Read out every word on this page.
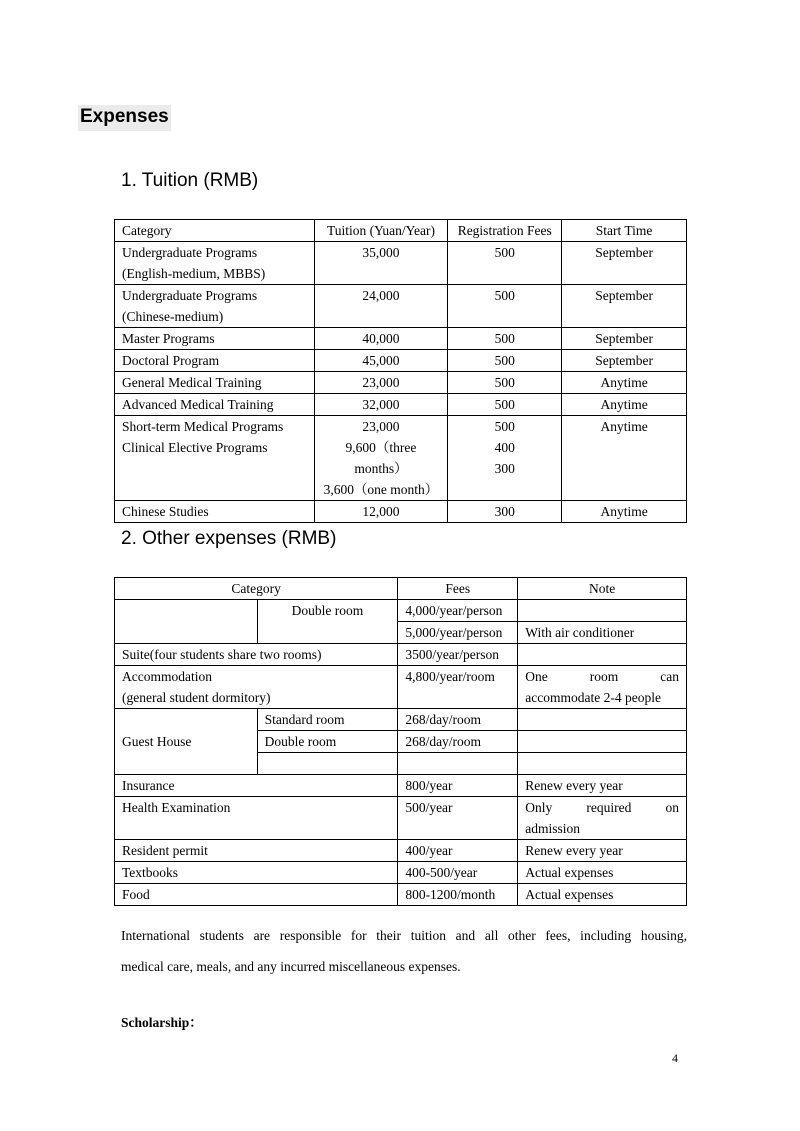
Expenses
1. Tuition (RMB)
Category	Tuition (Yuan/Year)	Registration Fees	Start Time

Undergraduate Programs
(English-medium, MBBS)	35,000	500	September

Undergraduate Programs
(Chinese-medium)	24,000	500	September
Master Programs	40,000	500	September
Doctoral Program	45,000	500	September
General Medical Training	23,000	500	Anytime
Advanced Medical Training	32,000	500	Anytime

Short-term Medical Programs
Clinical Elective Programs	23,000
9,600（three months）
3,600（one month）	500
400
300	Anytime
Chinese Studies	12,000	300	Anytime
2. Other expenses (RMB)
Category		Fees	Note
	Double room	4,000/year/person	
		5,000/year/person	With air conditioner
Suite(four students share two rooms)		3500/year/person	

Accommodation
(general student dormitory)		4,800/year/room	One room can
accommodate 2-4 people

Guest House	Standard room	268/day/room	
	Double room	268/day/room	

Insurance		800/year	Renew every year
Health Examination		500/year	Only required on
admission

Resident permit		400/year	Renew every year
Textbooks		400-500/year	Actual expenses
Food		800-1200/month	Actual expenses
International students are responsible for their tuition and all other fees, including housing,
medical care, meals, and any incurred miscellaneous expenses.
Scholarship：
4
